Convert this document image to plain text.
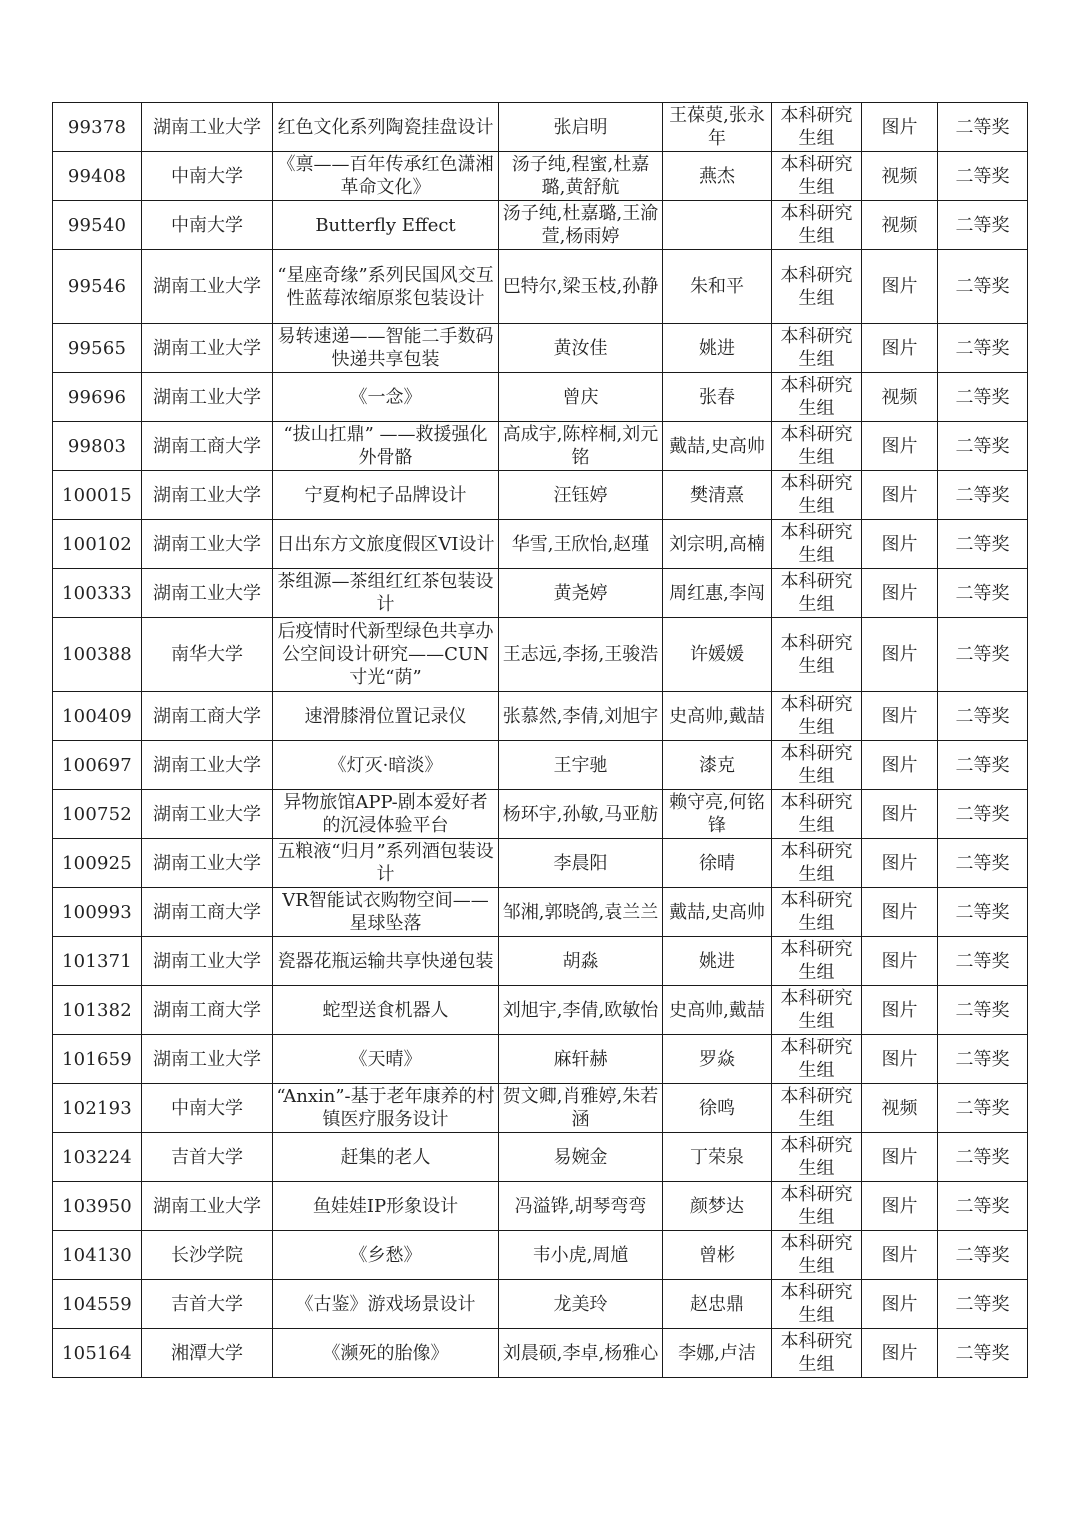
99378	湖南工业大学	红色文化系列陶瓷挂盘设计	张启明	王葆萸,张永年	本科研究生组	图片	二等奖
99408	中南大学	《禀——百年传承红色潇湘革命文化》	汤子纯,程蜜,杜嘉璐,黄舒航	燕杰	本科研究生组	视频	二等奖
99540	中南大学	Butterfly Effect	汤子纯,杜嘉璐,王渝萱,杨雨婷		本科研究生组	视频	二等奖
99546	湖南工业大学	“星座奇缘”系列民国风交互性蓝莓浓缩原浆包装设计	巴特尔,梁玉枝,孙静	朱和平	本科研究生组	图片	二等奖
99565	湖南工业大学	易转速递——智能二手数码快递共享包装	黄汝佳	姚进	本科研究生组	图片	二等奖
99696	湖南工业大学	《一念》	曾庆	张春	本科研究生组	视频	二等奖
99803	湖南工商大学	“拔山扛鼎” ——救援强化外骨骼	高成宇,陈梓桐,刘元铭	戴喆,史高帅	本科研究生组	图片	二等奖
100015	湖南工业大学	宁夏枸杞子品牌设计	汪钰婷	樊清熹	本科研究生组	图片	二等奖
100102	湖南工业大学	日出东方文旅度假区VI设计	华雪,王欣怡,赵瑾	刘宗明,高楠	本科研究生组	图片	二等奖
100333	湖南工业大学	茶组源—茶组红红茶包装设计	黄尧婷	周红惠,李闯	本科研究生组	图片	二等奖
100388	南华大学	后疫情时代新型绿色共享办公空间设计研究——CUN寸光“荫”	王志远,李扬,王骏浩	许媛媛	本科研究生组	图片	二等奖
100409	湖南工商大学	速滑膝滑位置记录仪	张慕然,李倩,刘旭宇	史高帅,戴喆	本科研究生组	图片	二等奖
100697	湖南工业大学	《灯灭·暗淡》	王宇驰	漆克	本科研究生组	图片	二等奖
100752	湖南工业大学	异物旅馆APP-剧本爱好者的沉浸体验平台	杨环宇,孙敏,马亚舫	赖守亮,何铭锋	本科研究生组	图片	二等奖
100925	湖南工业大学	五粮液“归月”系列酒包装设计	李晨阳	徐晴	本科研究生组	图片	二等奖
100993	湖南工商大学	VR智能试衣购物空间——星球坠落	邹湘,郭晓鸽,袁兰兰	戴喆,史高帅	本科研究生组	图片	二等奖
101371	湖南工业大学	瓷器花瓶运输共享快递包装	胡淼	姚进	本科研究生组	图片	二等奖
101382	湖南工商大学	蛇型送食机器人	刘旭宇,李倩,欧敏怡	史高帅,戴喆	本科研究生组	图片	二等奖
101659	湖南工业大学	《天晴》	麻轩赫	罗焱	本科研究生组	图片	二等奖
102193	中南大学	“Anxin”-基于老年康养的村镇医疗服务设计	贺文卿,肖雅婷,朱若涵	徐鸣	本科研究生组	视频	二等奖
103224	吉首大学	赶集的老人	易婉金	丁荣泉	本科研究生组	图片	二等奖
103950	湖南工业大学	鱼娃娃IP形象设计	冯溢铧,胡琴弯弯	颜梦达	本科研究生组	图片	二等奖
104130	长沙学院	《乡愁》	韦小虎,周馗	曾彬	本科研究生组	图片	二等奖
104559	吉首大学	《古鉴》游戏场景设计	龙美玲	赵忠鼎	本科研究生组	图片	二等奖
105164	湘潭大学	《濒死的胎像》	刘晨硕,李卓,杨雅心	李娜,卢洁	本科研究生组	图片	二等奖
